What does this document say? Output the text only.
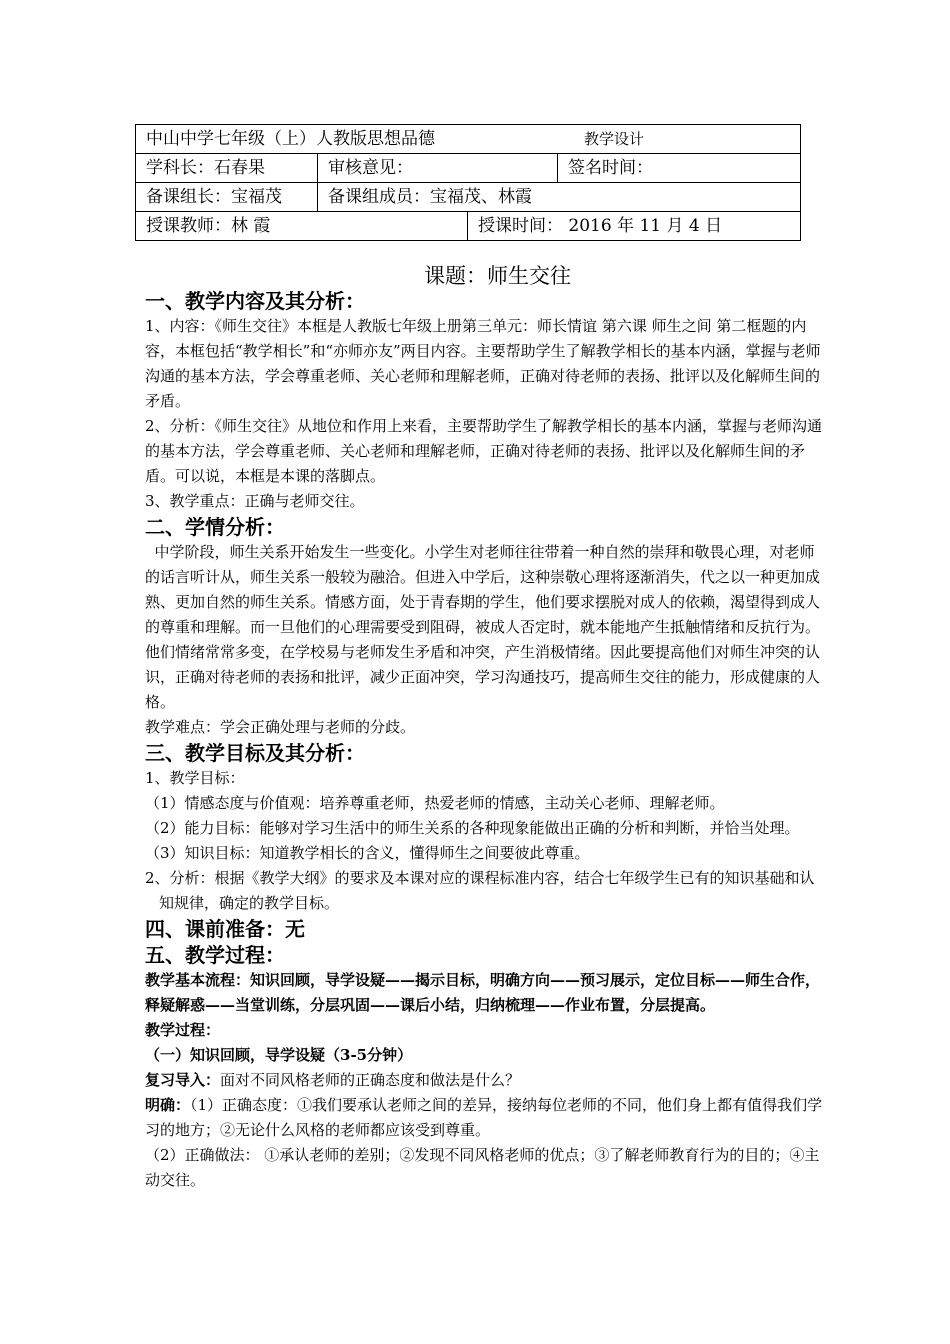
中山中学七年级（上）人教版思想品德 教学设计			

学科长：石春果	审核意见：		签名时间：
备课组长：宝福茂	备课组成员：宝福茂、林霞		
授课教师：林 霞		授课时间： 2016 年 11 月 4 日	
课题：师生交往
一、教学内容及其分析：

1、内容：《师生交往》本框是人教版七年级上册第三单元：师长情谊 第六课 师生之间 第二框题的内容，本框包括“教学相长”和“亦师亦友”两目内容。主要帮助学生了解教学相长的基本内涵，掌握与老师沟通的基本方法，学会尊重老师、关心老师和理解老师，正确对待老师的表扬、批评以及化解师生间的矛盾。

2、分析：《师生交往》从地位和作用上来看，主要帮助学生了解教学相长的基本内涵，掌握与老师沟通的基本方法，学会尊重老师、关心老师和理解老师，正确对待老师的表扬、批评以及化解师生间的矛盾。可以说，本框是本课的落脚点。

3、教学重点：正确与老师交往。

二、学情分析：

中学阶段，师生关系开始发生一些变化。小学生对老师往往带着一种自然的崇拜和敬畏心理，对老师的话言听计从，师生关系一般较为融洽。但进入中学后，这种崇敬心理将逐渐消失，代之以一种更加成熟、更加自然的师生关系。情感方面，处于青春期的学生，他们要求摆脱对成人的依赖，渴望得到成人的尊重和理解。而一旦他们的心理需要受到阻碍，被成人否定时，就本能地产生抵触情绪和反抗行为。他们情绪常常多变，在学校易与老师发生矛盾和冲突，产生消极情绪。因此要提高他们对师生冲突的认识，正确对待老师的表扬和批评，减少正面冲突，学习沟通技巧，提高师生交往的能力，形成健康的人格。

教学难点：学会正确处理与老师的分歧。

三、教学目标及其分析：

1、教学目标：

（1）情感态度与价值观：培养尊重老师，热爱老师的情感，主动关心老师、理解老师。

（2）能力目标：能够对学习生活中的师生关系的各种现象能做出正确的分析和判断，并恰当处理。

（3）知识目标：知道教学相长的含义，懂得师生之间要彼此尊重。

2、分析：根据《教学大纲》的要求及本课对应的课程标准内容，结合七年级学生已有的知识基础和认知规律，确定的教学目标。

四、课前准备：无
五、教学过程：

教学基本流程：知识回顾，导学设疑——揭示目标，明确方向——预习展示，定位目标——师生合作，释疑解惑——当堂训练，分层巩固——课后小结，归纳梳理——作业布置，分层提高。

教学过程：

（一）知识回顾，导学设疑（3-5分钟）

复习导入：面对不同风格老师的正确态度和做法是什么？

明确：（1）正确态度：①我们要承认老师之间的差异，接纳每位老师的不同，他们身上都有值得我们学习的地方；②无论什么风格的老师都应该受到尊重。

（2）正确做法： ①承认老师的差别；②发现不同风格老师的优点；③了解老师教育行为的目的；④主动交往。
